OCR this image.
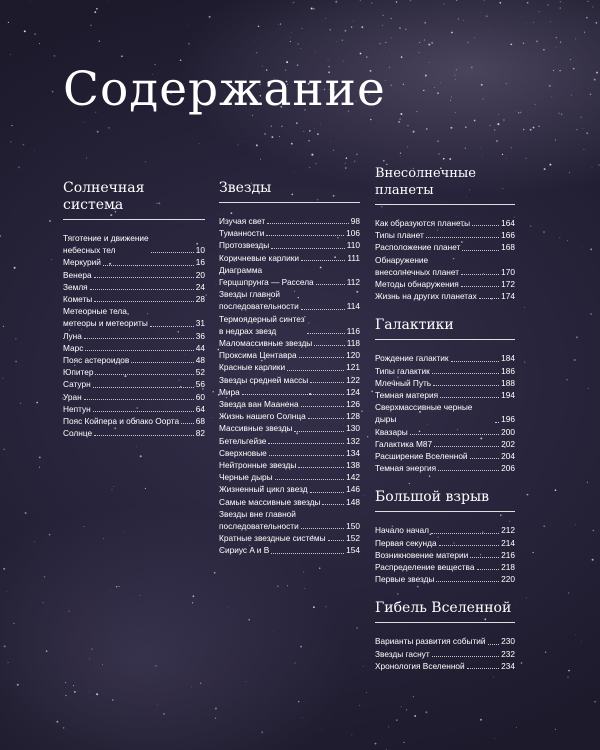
Содержание
Солнечная система
Тяготение и движение
небесных тел	10
Меркурий	16
Венера	20
Земля	24
Кометы	28
Метеорные тела,
метеоры и метеориты	31
Луна	36
Марс	44
Пояс астероидов	48
Юпитер	52
Сатурн	56
Уран	60
Нептун	64
Пояс Койпера и облако Оорта 68
Солнце	82
Звезды
Изучая свет	98
Туманности	106
Протозвезды	110
Коричневые карлики	111
Диаграмма
Герцшпрунга — Рассела	112
Звезды главной
последовательности	114
Термоядерный синтез
в недрах звезд	116
Маломассивные звезды	118
Проксима Центавра	120
Красные карлики	121
Звезды средней массы	122
Мира	124
Звезда ван Маанена	126
Жизнь нашего Солнца	128
Массивные звезды	130
Бетельгейзе	132
Сверхновые	134
Нейтронные звезды	138
Черные дыры	142
Жизненный цикл звезд	146
Самые массивные звезды	148
Звезды вне главной
последовательности	150
Кратные звездные системы 152
Сириус A и B	154
Внесолнечные
планеты
Как образуются планеты	164
Типы планет	166
Расположение планет	168
Обнаружение
внесолнечных планет	170
Методы обнаружения	172
Жизнь на других планетах	174
Галактики
Рождение галактик	184
Типы галактик	186
Млечный Путь	188
Темная материя	194
Сверхмассивные черные дыры	196
Квазары	200
Галактика M87	202
Расширение Вселенной	204
Темная энергия	206
Большой взрыв
Начало начал	212
Первая секунда	214
Возникновение материи	216
Распределение вещества	218
Первые звезды	220
Гибель Вселенной
Варианты развития событий 230
Звезды гаснут	232
Хронология Вселенной	234
